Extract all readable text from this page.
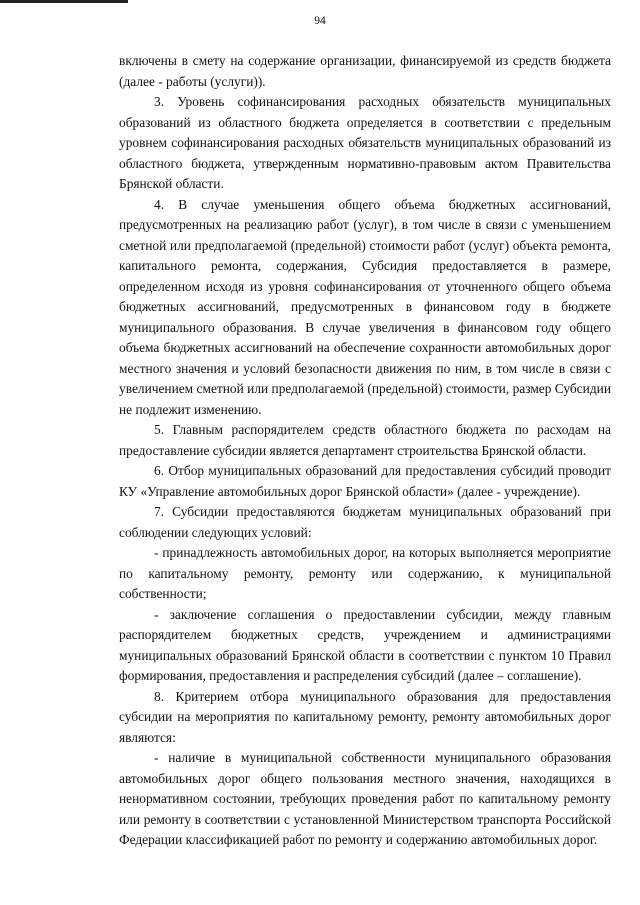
94

включены в смету на содержание организации, финансируемой из средств бюджета (далее - работы (услуги)).

3. Уровень софинансирования расходных обязательств муниципальных образований из областного бюджета определяется в соответствии с предельным уровнем софинансирования расходных обязательств муниципальных образований из областного бюджета, утвержденным нормативно-правовым актом Правительства Брянской области.

4. В случае уменьшения общего объема бюджетных ассигнований, предусмотренных на реализацию работ (услуг), в том числе в связи с уменьшением сметной или предполагаемой (предельной) стоимости работ (услуг) объекта ремонта, капитального ремонта, содержания, Субсидия предоставляется в размере, определенном исходя из уровня софинансирования от уточненного общего объема бюджетных ассигнований, предусмотренных в финансовом году в бюджете муниципального образования. В случае увеличения в финансовом году общего объема бюджетных ассигнований на обеспечение сохранности автомобильных дорог местного значения и условий безопасности движения по ним, в том числе в связи с увеличением сметной или предполагаемой (предельной) стоимости, размер Субсидии не подлежит изменению.

5. Главным распорядителем средств областного бюджета по расходам на предоставление субсидии является департамент строительства Брянской области.

6. Отбор муниципальных образований для предоставления субсидий проводит КУ «Управление автомобильных дорог Брянской области» (далее - учреждение).

7. Субсидии предоставляются бюджетам муниципальных образований при соблюдении следующих условий:

- принадлежность автомобильных дорог, на которых выполняется мероприятие по капитальному ремонту, ремонту или содержанию, к муниципальной собственности;

- заключение соглашения о предоставлении субсидии, между главным распорядителем бюджетных средств, учреждением и администрациями муниципальных образований Брянской области в соответствии с пунктом 10 Правил формирования, предоставления и распределения субсидий (далее – соглашение).

8. Критерием отбора муниципального образования для предоставления субсидии на мероприятия по капитальному ремонту, ремонту автомобильных дорог являются:

- наличие в муниципальной собственности муниципального образования автомобильных дорог общего пользования местного значения, находящихся в ненормативном состоянии, требующих проведения работ по капитальному ремонту или ремонту в соответствии с установленной Министерством транспорта Российской Федерации классификацией работ по ремонту и содержанию автомобильных дорог.
